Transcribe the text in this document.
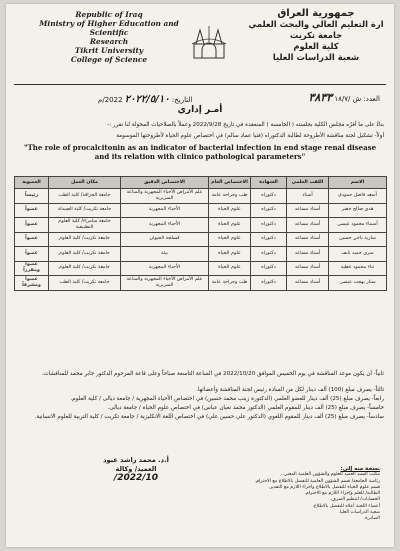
Republic of Iraq
Ministry of Higher Education and Scientific
Research
Tikrit University
College of Science
جمهورية العراق
ارة التعليم العالي والبحث العلمي
جامعة تكريت
كلية العلوم
شعبة الدراسات العليا
العدد: ش /١٨/٧ ٣٨٣٣
التاريخ: ٢٠٢٢/٥/١٠ 2022/م
أمـر إداري
بناءً على ما أقرّه مجلس الكلية بجلسته ( الخامسة ) المنعقدة في تاريخ 2022/9/28 وعملاً بالصلاحيات المخولة لنا تقرر :-
أولاً- تشكيل لجنة مناقشة الأطروحة لطالبة الدكتوراه (فتيا عماد سالم) في اختصاص علوم الحياة لأطروحتها الموسومة
"The role of procalcitonin as an indicator of bacterial infection in end stage renal disease and its relation with clinico pathological parameters"
الاسم	اللقب العلمي	الشهادة	الاختصاص العام	الاختصاص الدقيق	مكان العمل	العضوية
أسعد فاضل حمودي	أستاذ	دكتوراه	طب وجراحة عامة	علم الأمراض الأحياء المجهرية والمناعة السريرية	جامعة الحرافة/ كلية الطب	رئيساً
هدى صالح خضر	أستاذ مساعد	دكتوراه	علوم الحياة	الأحياء المجهرية	جامعة تكريت/ كلية الصيدلة	عضواً
أسماء محمود عيسى	أستاذ مساعد	دكتوراه	علوم الحياة	الأحياء المجهرية	جامعة سامراء/ كلية العلوم التطبيقية	عضواً
سارية ناجي حسين	أستاذ مساعد	دكتوراه	علوم الحياة	فسلجة الحيوان	جامعة تكريت/ كلية العلوم	عضواً
سرى حميد نايف	أستاذ مساعد	دكتوراه	علوم الحياة	بيئة	جامعة تكريت/ كلية العلوم	عضواً
ثناء محمود عطية	أستاذ مساعد	دكتوراه	علوم الحياة	الأحياء المجهرية	جامعة تكريت/ كلية العلوم	عضواً ومقرراً
ستار بهجت عيسى	أستاذ مساعد	دكتوراه	طب وجراحة عامة	علم الأمراض الأحياء المجهرية والمناعة السريرية	جامعة تكريت/ كلية الطب	عضواً ومشرفاً
ثانياً- أن يكون موعد المناقشة في يوم الخميس الموافق 2022/10/20 في الساعة التاسعة صباحاً وعلى قاعة المرحوم الدكتور جابر محمد للمناقشات.
ثالثاً- يصرف مبلغ (100) ألف دينار لكل من السادة رئيس لجنة المناقشة وأعضائها.
رابعاً- يصرف مبلغ (25) ألف دينار للعضو العلمي (الدكتورة زينب محمد حسين) في اختصاص الأحياء المجهرية / جامعة ديالى / كلية العلوم.
خامساً- يصرف مبلغ (25) ألف دينار للمقوم العلمي (الدكتور محمد تعيان عباس) في اختصاص علوم الحياة / جامعة ديالى.
سادساً- يصرف مبلغ (25) ألف دينار للمقوم اللغوي (الدكتور علي حسين علي) في اختصاص اللغة الانكليزية / جامعة تكريت / كلية التربية للعلوم الانسانية.
أ.د. محمد راشد عبود
العميد/ وكالة
2022/10/
نسخة منه إلى:
مكتب السيد العميد للعلوم والشؤون العلمية المعني..
رئاسة الجامعة/ قسم الشؤون العلمية للتفضل بالاطلاع مع الاحترام.
قسم علوم الحياة للتفضل بالاطلاع واجراء اللازم مع التقدير.
الطالبة/ للعلم وإجراء اللازم مع الاحترام.
الحسابات/ لتنظيم الصرف.
أعضاء اللجنة أعلاه للتفضل بالاطلاع.
شعبة الدراسات العليا.
الصادرة.
